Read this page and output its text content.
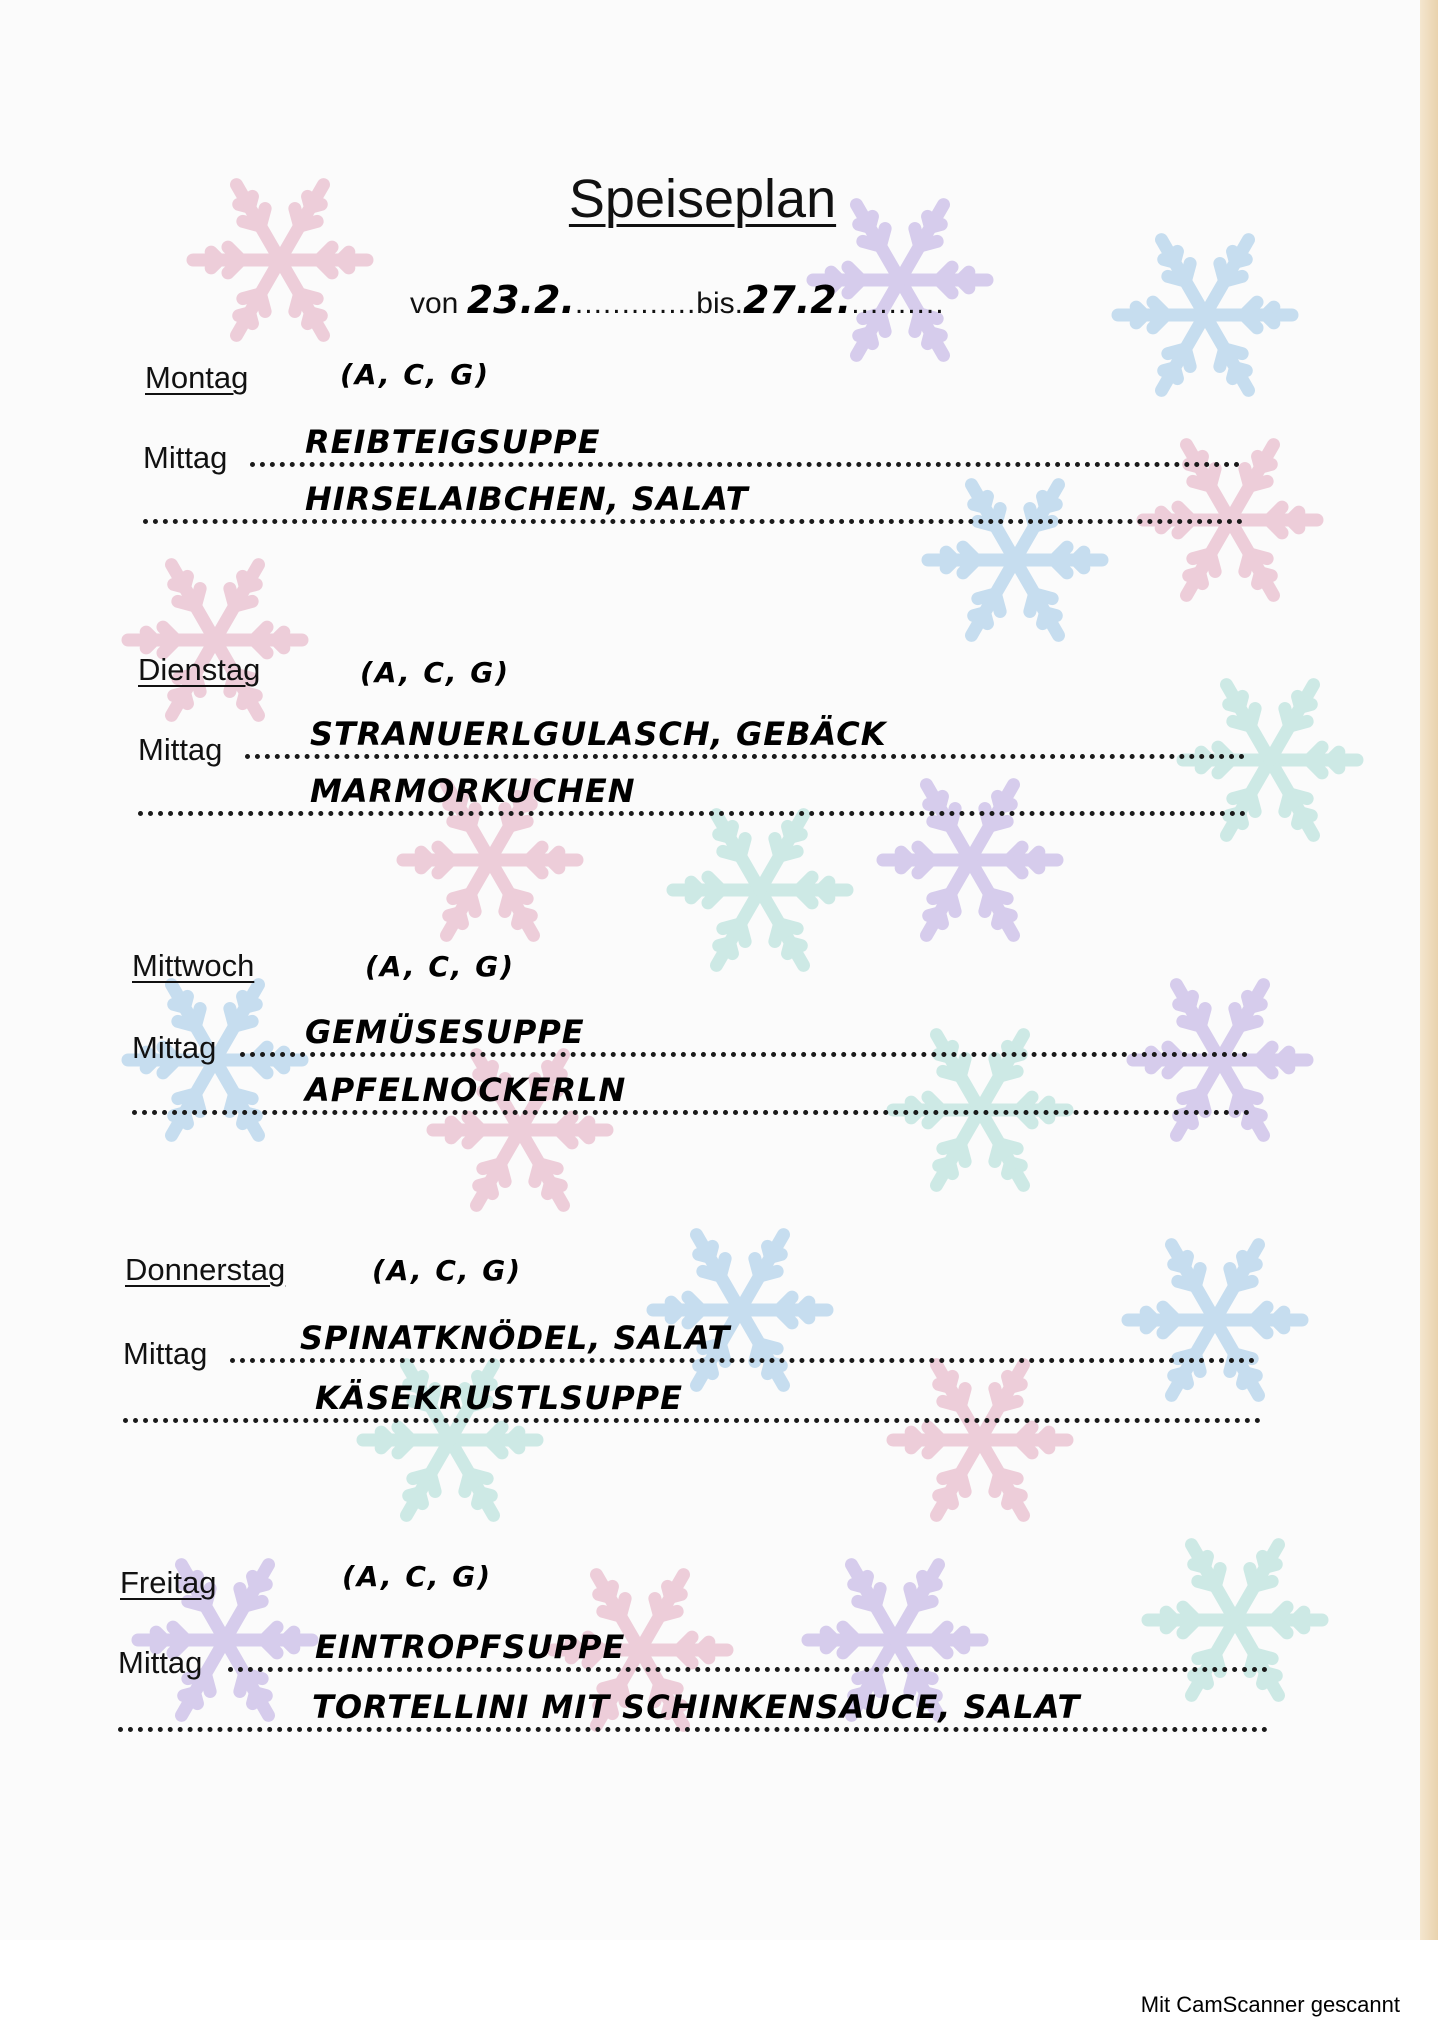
Speiseplan
von 23.2..............bis.27.2...........
Montag	(A, C, G)
Mittag REIBTEIGSUPPE
HIRSELAIBCHEN, SALAT
Dienstag	(A, C, G)
Mittag	STRANUERLGULASCH, GEBÄCK
MARMORKUCHEN
Mittwoch	(A, C, G)
Mittag	GEMÜSESUPPE
APFELNOCKERLN
Donnerstag	(A, C, G)
Mittag	SPINATKNÖDEL, SALAT
KÄSEKRUSTLSUPPE
Freitag	(A, C, G)
Mittag	EINTROPFSUPPE
TORTELLINI MIT SCHINKENSAUCE, SALAT
Mit CamScanner gescannt
